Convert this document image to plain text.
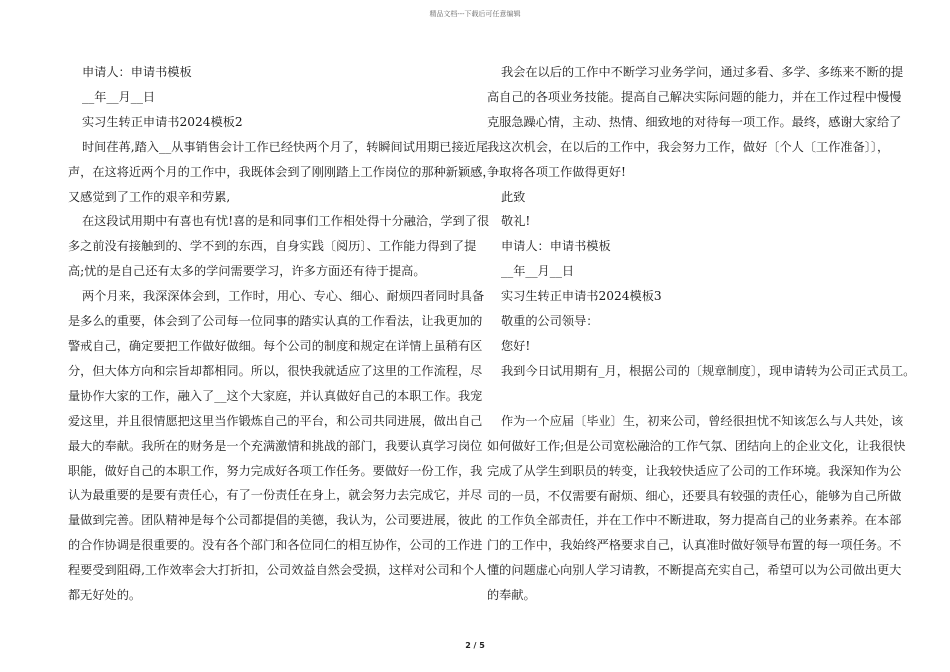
精品文档---下载后可任意编辑

申请人：申请书模板

__年__月__日

实习生转正申请书2024模板2

时间荏苒,踏入__从事销售会计工作已经快两个月了，转瞬间试用期已接近尾

声，在这将近两个月的工作中，我既体会到了刚刚踏上工作岗位的那种新颖感，

又感觉到了工作的艰辛和劳累,

在这段试用期中有喜也有忧!喜的是和同事们工作相处得十分融洽，学到了很

多之前没有接触到的、学不到的东西，自身实践〔阅历〕、工作能力得到了提

高;忧的是自己还有太多的学问需要学习，许多方面还有待于提高。

两个月来，我深深体会到，工作时，用心、专心、细心、耐烦四者同时具备

是多么的重要，体会到了公司每一位同事的踏实认真的工作看法，让我更加的

警戒自己，确定要把工作做好做细。每个公司的制度和规定在详情上虽稍有区

分，但大体方向和宗旨却都相同。所以，很快我就适应了这里的工作流程，尽

量协作大家的工作，融入了__这个大家庭，并认真做好自己的本职工作。我宠

爱这里，并且很情愿把这里当作锻炼自己的平台，和公司共同进展，做出自己

最大的奉献。我所在的财务是一个充满激情和挑战的部门，我要认真学习岗位

职能，做好自己的本职工作，努力完成好各项工作任务。要做好一份工作，我

认为最重要的是要有责任心，有了一份责任在身上，就会努力去完成它，并尽

量做到完善。团队精神是每个公司都提倡的美德，我认为，公司要进展，彼此

的合作协调是很重要的。没有各个部门和各位同仁的相互协作，公司的工作进

程要受到阻碍,工作效率会大打折扣，公司效益自然会受损，这样对公司和个人

都无好处的。

我会在以后的工作中不断学习业务学问，通过多看、多学、多练来不断的提

高自己的各项业务技能。提高自己解决实际问题的能力，并在工作过程中慢慢

克服急躁心情，主动、热情、细致地的对待每一项工作。最终，感谢大家给了

我这次机会，在以后的工作中，我会努力工作，做好〔个人〔工作准备〕〕，

争取将各项工作做得更好!

此致

敬礼!

申请人：申请书模板

__年__月__日

实习生转正申请书2024模板3

敬重的公司领导：

您好!

我到今日试用期有_月，根据公司的〔规章制度〕，现申请转为公司正式员工。

作为一个应届〔毕业〕生，初来公司，曾经很担忧不知该怎么与人共处，该

如何做好工作;但是公司宽松融洽的工作气氛、团结向上的企业文化，让我很快

完成了从学生到职员的转变，让我较快适应了公司的工作环境。我深知作为公

司的一员，不仅需要有耐烦、细心，还要具有较强的责任心，能够为自己所做

的工作负全部责任，并在工作中不断进取，努力提高自己的业务素养。在本部

门的工作中，我始终严格要求自己，认真准时做好领导布置的每一项任务。不

懂的问题虚心向别人学习请教，不断提高充实自己，希望可以为公司做出更大

的奉献。

2 / 5
